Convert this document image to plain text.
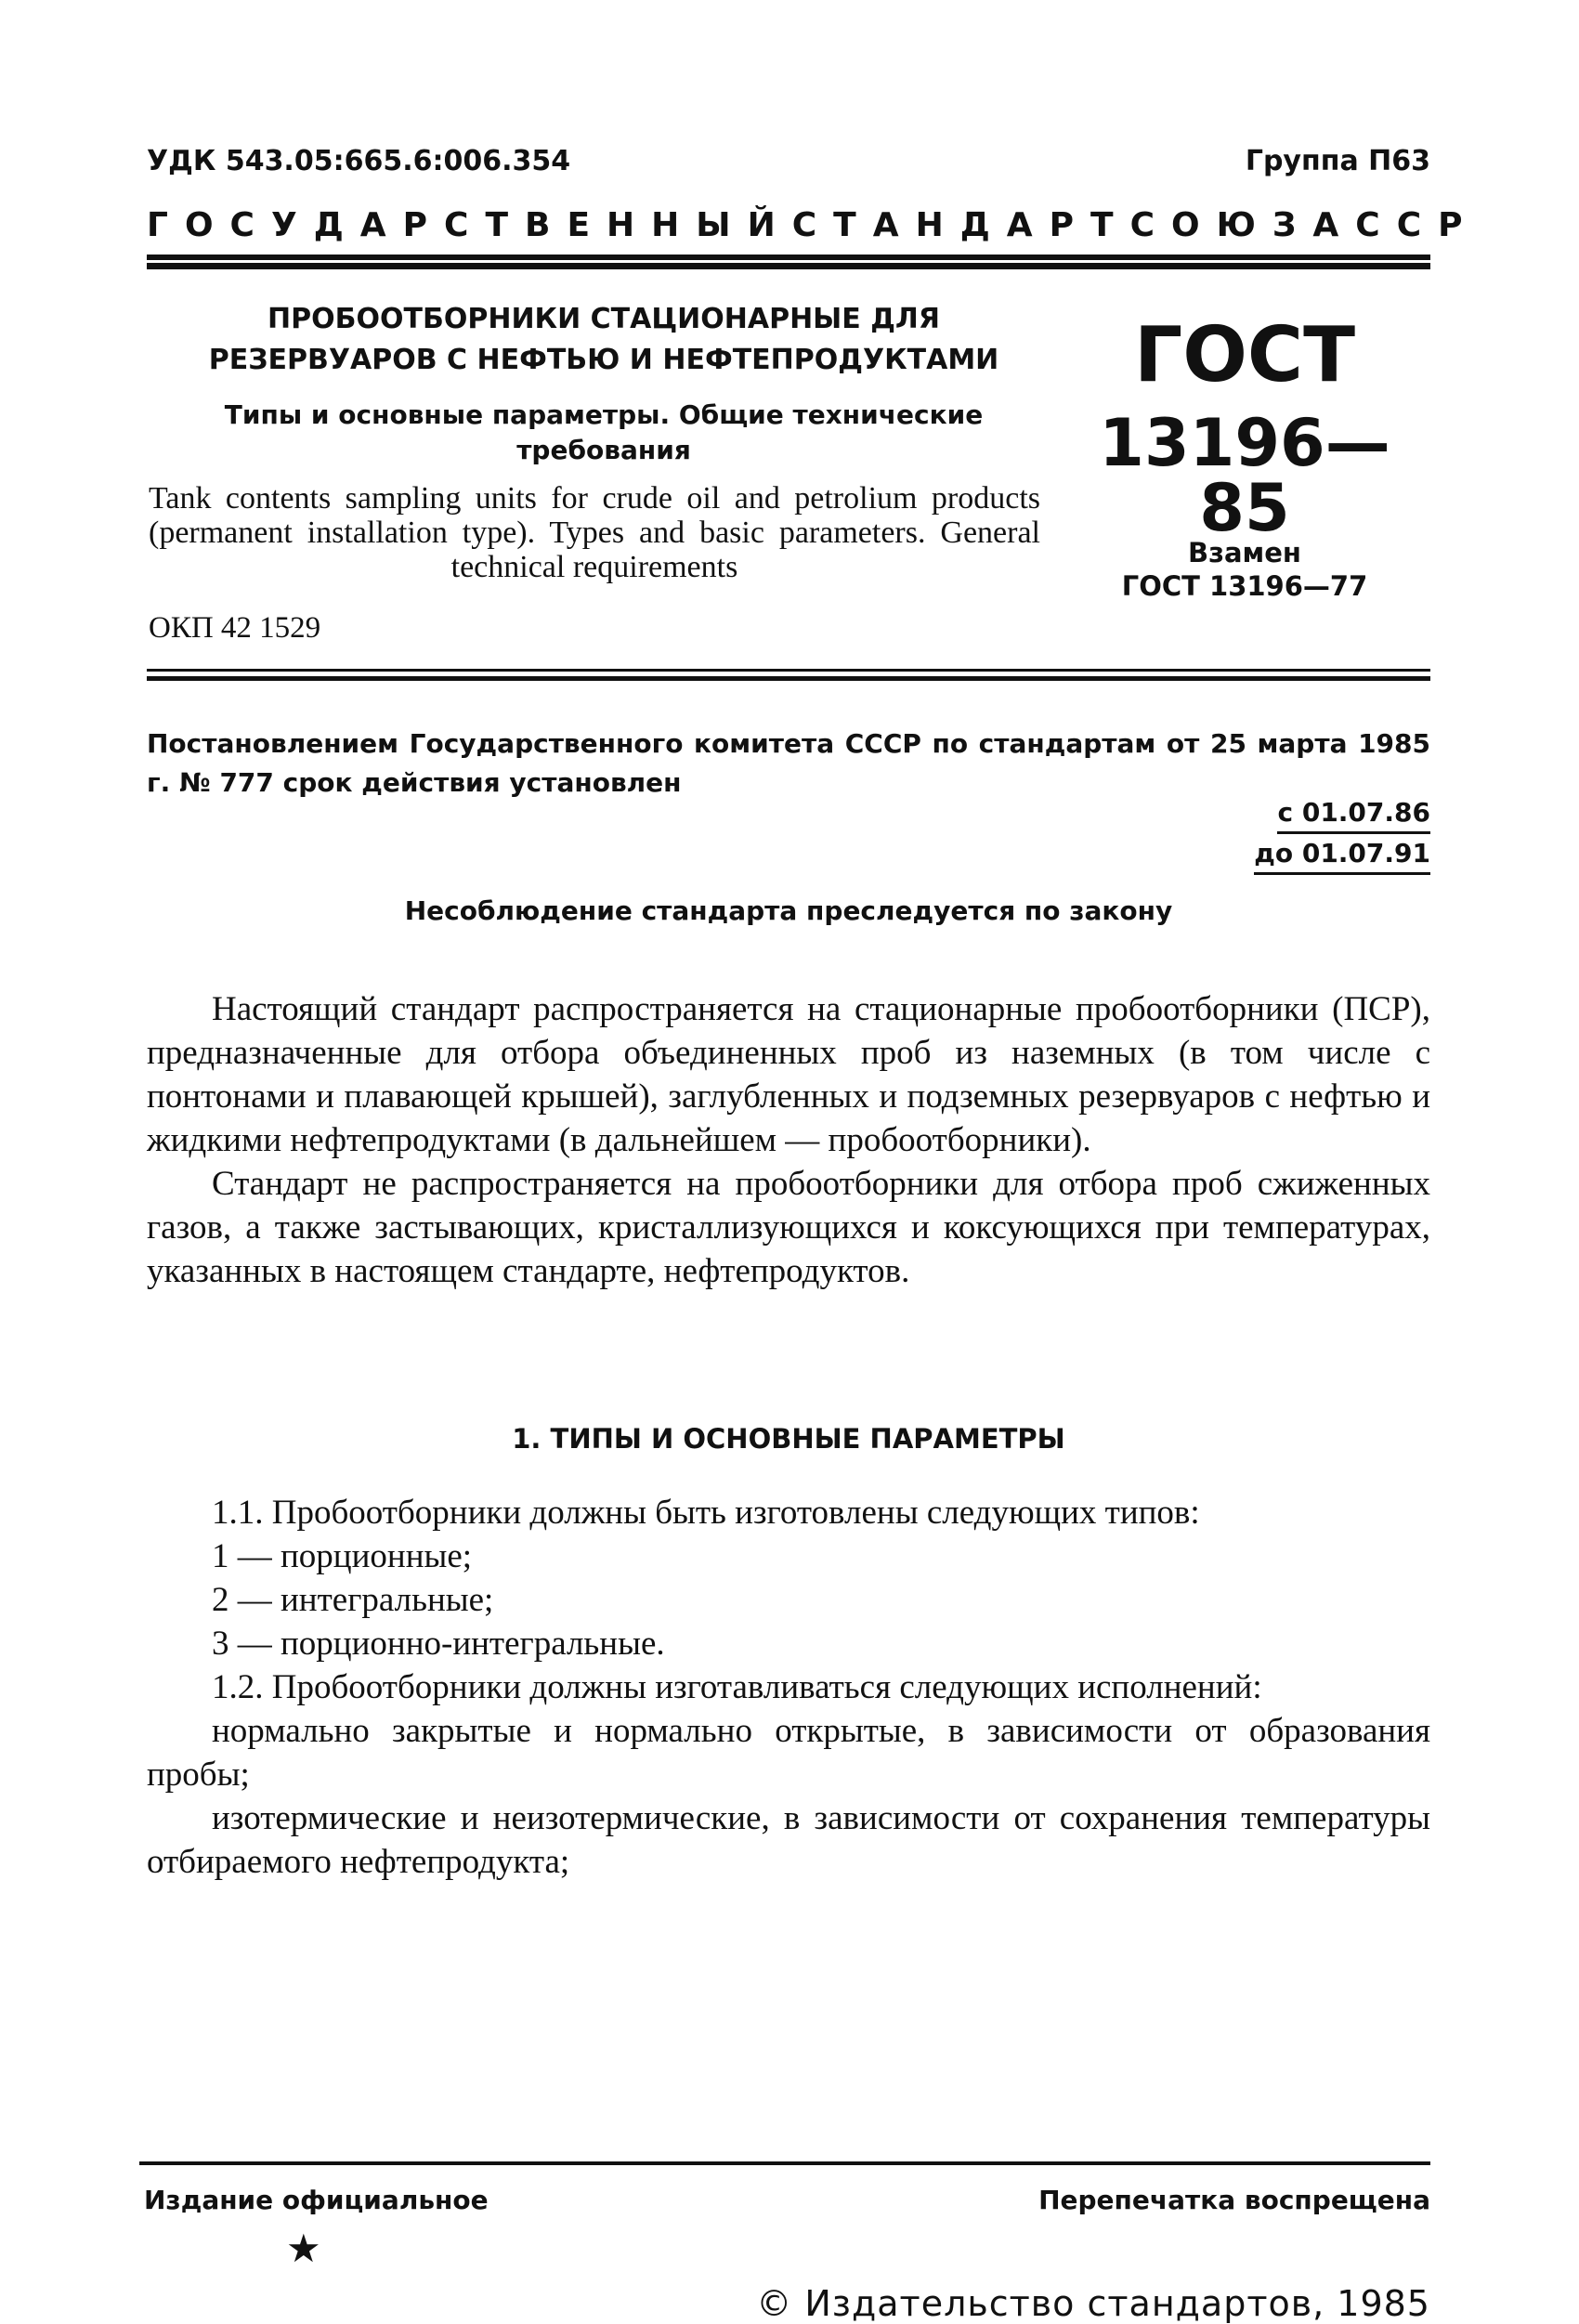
УДК 543.05:665.6:006.354	Группа П63
ГОСУДАРСТВЕННЫЙ СТАНДАРТ СОЮЗА ССР
ПРОБООТБОРНИКИ СТАЦИОНАРНЫЕ ДЛЯ
РЕЗЕРВУАРОВ С НЕФТЬЮ И НЕФТЕПРОДУКТАМИ
Типы и основные параметры. Общие технические
требования
Tank contents sampling units for crude oil and petrolium products (permanent installation type). Types and basic parameters. General technical requirements
ОКП 42 1529
ГОСТ
13196—85
Взамен
ГОСТ 13196—77
Постановлением Государственного комитета СССР по стандартам от 25 марта 1985 г. № 777 срок действия установлен
с 01.07.86
до 01.07.91
Несоблюдение стандарта преследуется по закону

Настоящий стандарт распространяется на стационарные пробоотборники (ПСР), предназначенные для отбора объединенных проб из наземных (в том числе с понтонами и плавающей крышей), заглубленных и подземных резервуаров с нефтью и жидкими нефтепродуктами (в дальнейшем — пробоотборники).

Стандарт не распространяется на пробоотборники для отбора проб сжиженных газов, а также застывающих, кристаллизующихся и коксующихся при температурах, указанных в настоящем стандарте, нефтепродуктов.

1. ТИПЫ И ОСНОВНЫЕ ПАРАМЕТРЫ

1.1. Пробоотборники должны быть изготовлены следующих типов:

1 — порционные;

2 — интегральные;

3 — порционно-интегральные.

1.2. Пробоотборники должны изготавливаться следующих исполнений:

нормально закрытые и нормально открытые, в зависимости от образования пробы;

изотермические и неизотермические, в зависимости от сохранения температуры отбираемого нефтепродукта;

Издание официальное	Перепечатка воспрещена
★
© Издательство стандартов, 1985
